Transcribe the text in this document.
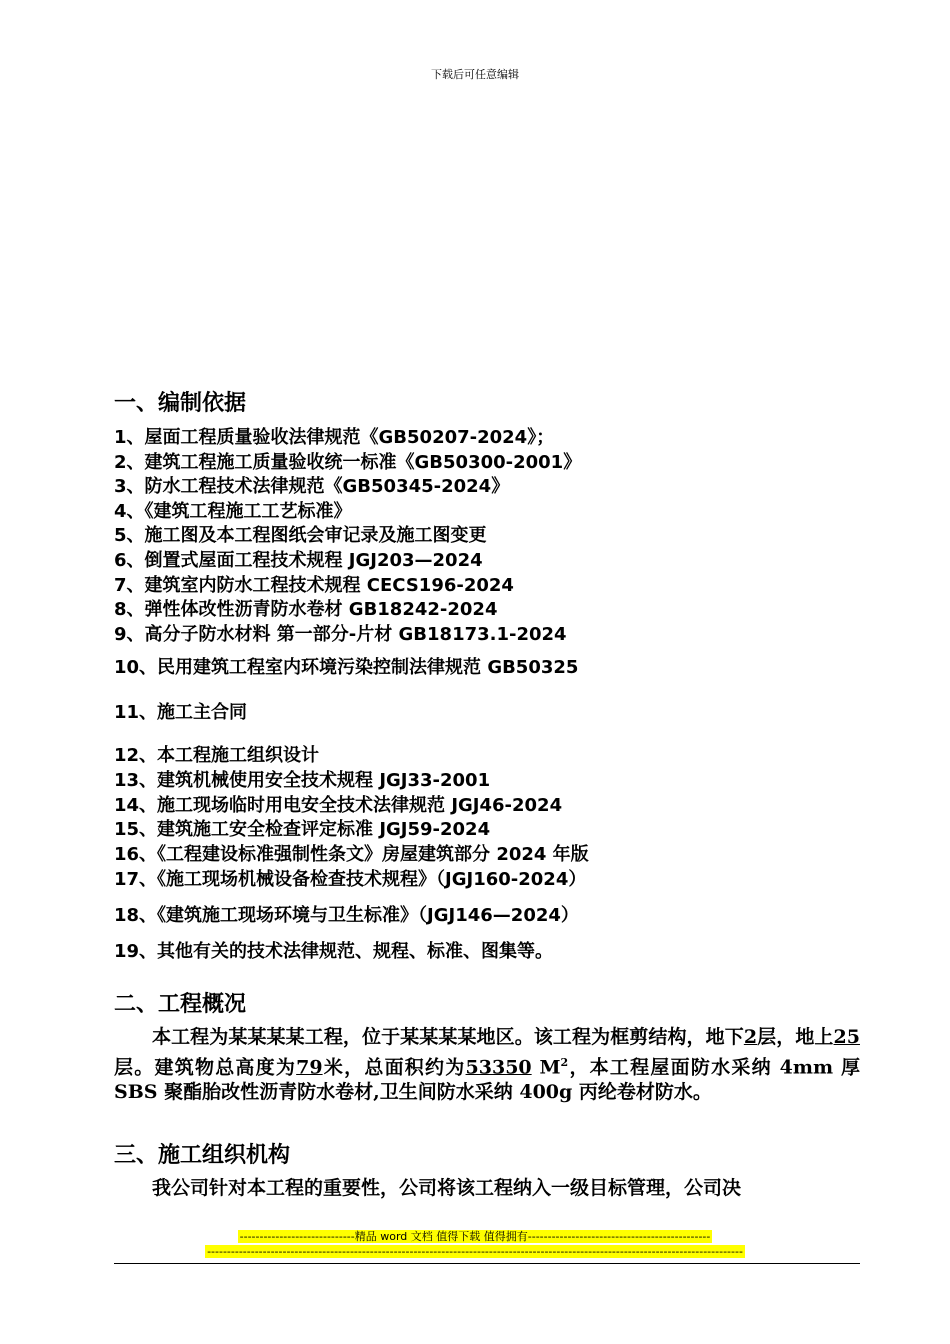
下载后可任意编辑
一、编制依据
1、屋面工程质量验收法律规范《GB50207-2024》；
2、建筑工程施工质量验收统一标准《GB50300-2001》
3、防水工程技术法律规范《GB50345-2024》
4、《建筑工程施工工艺标准》
5、施工图及本工程图纸会审记录及施工图变更
6、倒置式屋面工程技术规程 JGJ203—2024
7、建筑室内防水工程技术规程 CECS196-2024
8、弹性体改性沥青防水卷材 GB18242-2024
9、高分子防水材料 第一部分-片材 GB18173.1-2024
10、民用建筑工程室内环境污染控制法律规范 GB50325
11、施工主合同
12、本工程施工组织设计
13、建筑机械使用安全技术规程 JGJ33-2001
14、施工现场临时用电安全技术法律规范 JGJ46-2024
15、建筑施工安全检查评定标准 JGJ59-2024
16、《工程建设标准强制性条文》房屋建筑部分 2024 年版
17、《施工现场机械设备检查技术规程》（JGJ160-2024）
18、《建筑施工现场环境与卫生标准》（JGJ146—2024）
19、其他有关的技术法律规范、规程、标准、图集等。
二、工程概况
本工程为某某某某工程，位于某某某某地区。该工程为框剪结构，地下2层，地上25层。建筑物总高度为79米，总面积约为53350 $M^2$，本工程屋面防水采纳 4mm 厚 SBS 聚酯胎改性沥青防水卷材,卫生间防水采纳 400g 丙纶卷材防水。
三、施工组织机构
我公司针对本工程的重要性，公司将该工程纳入一级目标管理，公司决
-----------------------------精品 word 文档 值得下载 值得拥有----------------------------------------------
---------------------------------------------------------------------------------------------------------------------------------------
